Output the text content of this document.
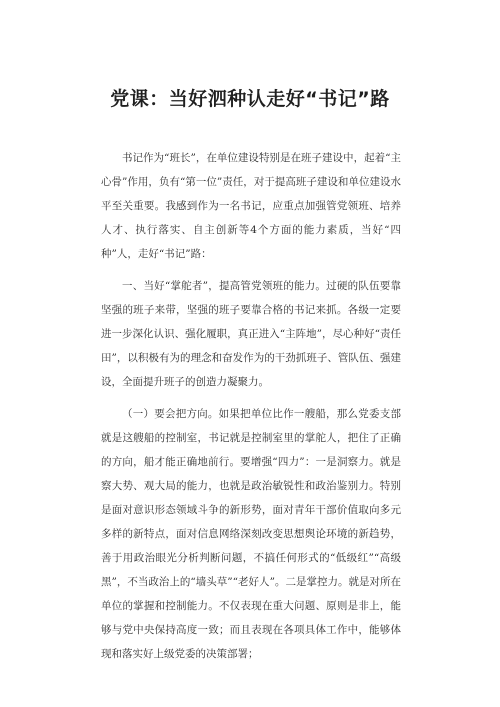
党课：当好泗种认走好“书记”路

书记作为“班长”，在单位建设特别是在班子建设中，起着“主心骨”作用，负有“第一位”责任，对于提高班子建设和单位建设水平至关重要。我感到作为一名书记，应重点加强管党领班、培养人才、执行落实、自主创新等4个方面的能力素质，当好“四种”人，走好“书记”路：

一、当好“掌舵者”，提高管党领班的能力。过硬的队伍要靠坚强的班子来带，坚强的班子要靠合格的书记来抓。各级一定要进一步深化认识、强化履职，真正进入“主阵地”，尽心种好“责任田”，以积极有为的理念和奋发作为的干劲抓班子、管队伍、强建设，全面提升班子的创造力凝聚力。

（一）要会把方向。如果把单位比作一艘船，那么党委支部就是这艘船的控制室，书记就是控制室里的掌舵人，把住了正确的方向，船才能正确地前行。要增强“四力”：一是洞察力。就是察大势、观大局的能力，也就是政治敏锐性和政治鉴别力。特别是面对意识形态领域斗争的新形势，面对青年干部价值取向多元多样的新特点，面对信息网络深刻改变思想舆论环境的新趋势，善于用政治眼光分析判断问题，不搞任何形式的“低级红”“高级黑”，不当政治上的“墙头草”“老好人”。二是掌控力。就是对所在单位的掌握和控制能力。不仅表现在重大问题、原则是非上，能够与党中央保持高度一致；而且表现在各项具体工作中，能够体现和落实好上级党委的决策部署；
